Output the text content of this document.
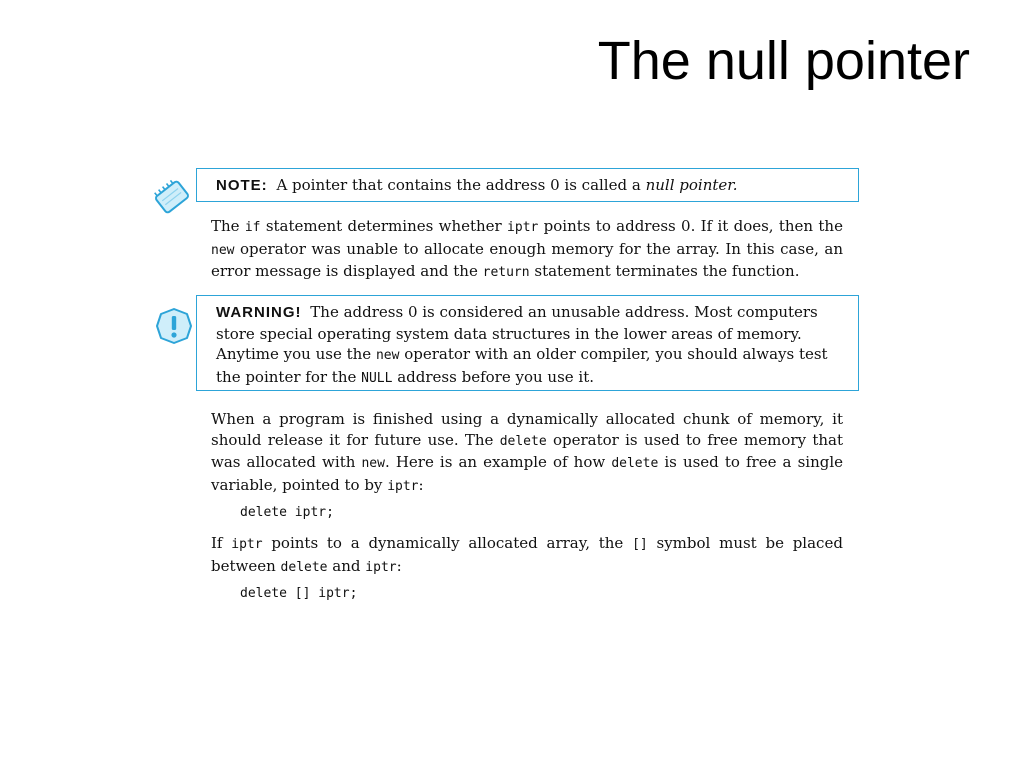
The null pointer
NOTE: A pointer that contains the address 0 is called a null pointer.
The if statement determines whether iptr points to address 0. If it does, then the new operator was unable to allocate enough memory for the array. In this case, an error message is displayed and the return statement terminates the function.
WARNING! The address 0 is considered an unusable address. Most computers store special operating system data structures in the lower areas of memory. Anytime you use the new operator with an older compiler, you should always test the pointer for the NULL address before you use it.
When a program is finished using a dynamically allocated chunk of memory, it should release it for future use. The delete operator is used to free memory that was allocated with new. Here is an example of how delete is used to free a single variable, pointed to by iptr:
delete iptr;
If iptr points to a dynamically allocated array, the [] symbol must be placed between delete and iptr:
delete [] iptr;
